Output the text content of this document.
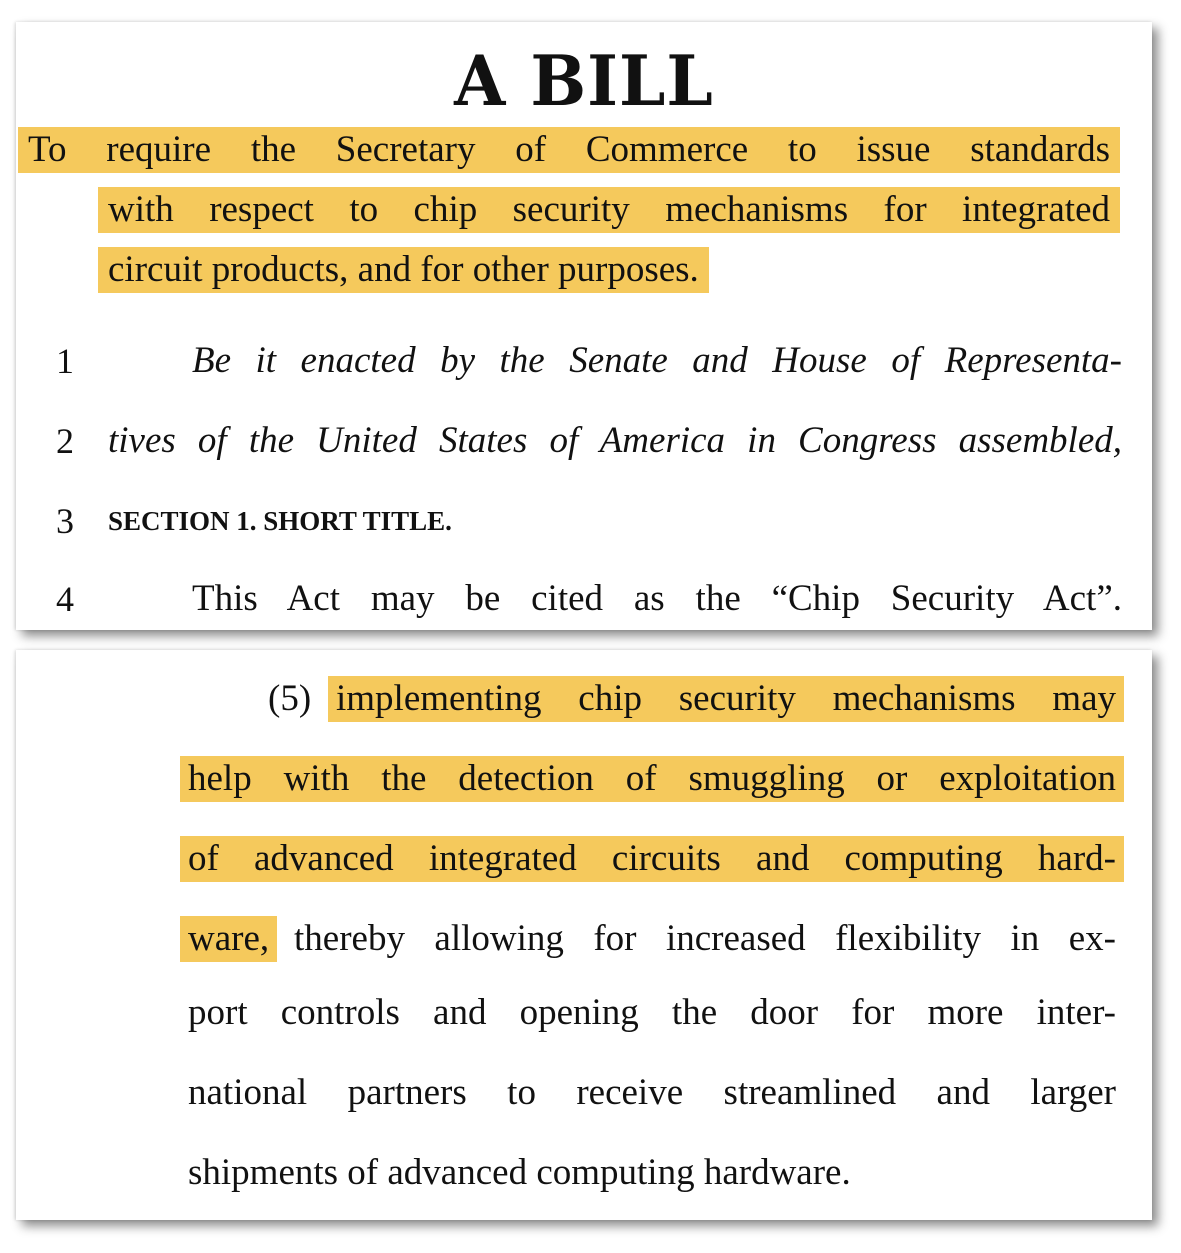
A BILL
To require the Secretary of Commerce to issue standards
with respect to chip security mechanisms for integrated
circuit products, and for other purposes.
1	Be it enacted by the Senate and House of Representa-
2 tives of the United States of America in Congress assembled,
3 SECTION 1. SHORT TITLE.
4	This Act may be cited as the “Chip Security Act”.
(5) implementing chip security mechanisms may
help with the detection of smuggling or exploitation
of advanced integrated circuits and computing hard-
ware, thereby allowing for increased flexibility in ex-
port controls and opening the door for more inter-
national partners to receive streamlined and larger
shipments of advanced computing hardware.
